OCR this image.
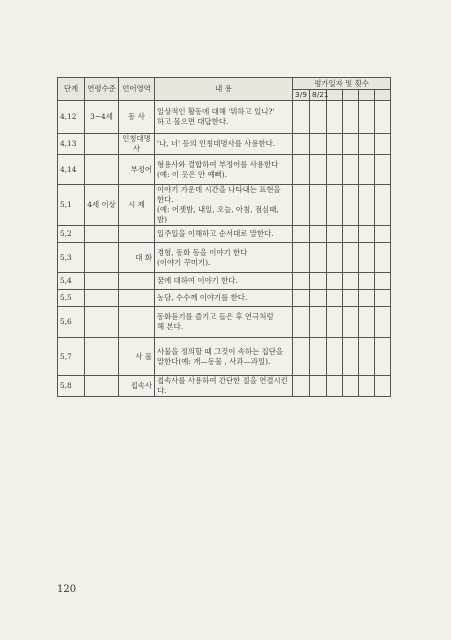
단계	연령수준	언어영역	내 용	평가일자 및 횟수					
				3/9	8/21				
4,12	3~4세	동 사	일상적인 활동에 대해 '뭐하고 있니?'
하고 물으면 대답한다.						

4,13		인칭대명사	'나, 너' 등의 인칭대명사를 사용한다.						

4,14		부정어	형용사와 결합하여 부정어를 사용한다
(예: 이 옷은 안 예뻐).						

5,1	4세 이상	시 제	이야기 가운데 시간을 나타내는 표현을 한다.
(예: 어젯밤, 내일, 오늘, 아침, 점심때, 밤)						

5,2			일주일을 이해하고 순서대로 말한다.						

5,3		대 화	경험, 동화 등을 이야기 한다
(이야기 꾸미기).						

5,4			꿈에 대하여 이야기 한다.						

5,5			농담, 수수께 이야기를 한다.						

5,6			동화듣기를 즐기고 들은 후 연극처럼
해 본다.						

5,7		사 물	사물을 정의할 때 그것이 속하는 집단을
말한다(예: 개—동물 , 사과—과일).						

5,8		접속사	접속사를 사용하여 간단한 절을 연결시킨다.						

120
